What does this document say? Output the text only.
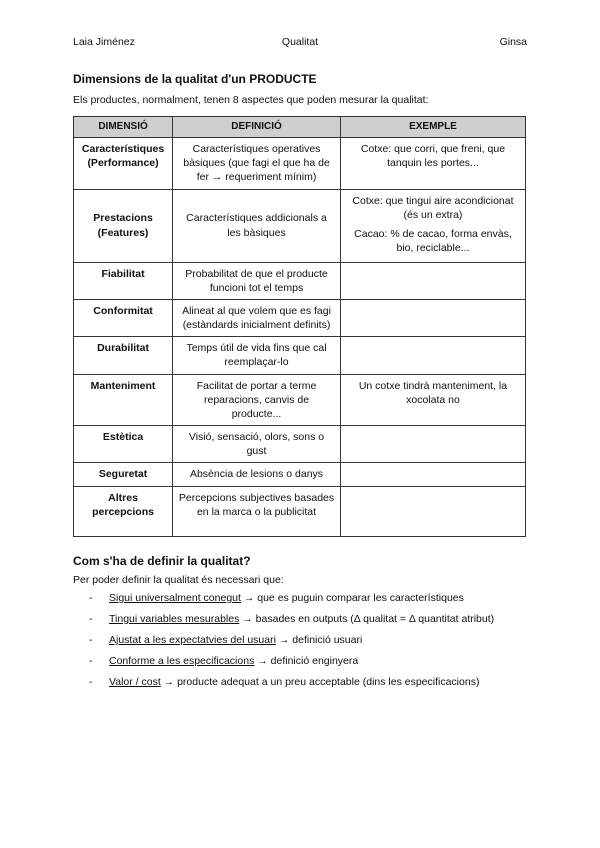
Laia Jiménez	Qualitat	Ginsa
Dimensions de la qualitat d'un PRODUCTE

Els productes, normalment, tenen 8 aspectes que poden mesurar la qualitat:

DIMENSIÓ	DEFINICIÓ	EXEMPLE
Característiques (Performance)	Característiques operatives bàsiques (que fagi el que ha de fer → requeriment mínim)	Cotxe: que corri, que freni, que tanquin les portes...

Prestacions (Features)	Característiques addicionals a les bàsiques	Cotxe: que tingui aire acondicionat (és un extra)

Cacao: % de cacao, forma envàs, bio, reciclable...

Fiabilitat	Probabilitat de que el producte funcioni tot el temps	
Conformitat	Alineat al que volem que es fagi (estàndards inicialment definits)	
Durabilitat	Temps útil de vida fins que cal reemplaçar-lo	
Manteniment	Facilitat de portar a terme reparacions, canvis de producte...	Un cotxe tindrà manteniment, la xocolata no

Estètica	Visió, sensació, olors, sons o gust	
Seguretat	Absència de lesions o danys	
Altres percepcions	Percepcions subjectives basades en la marca o la publicitat	
Com s'ha de definir la qualitat?

Per poder definir la qualitat és necessari que:

- Sigui universalment conegut → que es puguin comparar les característiques
- Tingui variables mesurables → basades en outputs (Δ qualitat = Δ quantitat atribut)
- Ajustat a les expectatvies del usuari → definició usuari
- Conforme a les especificacions → definició enginyera
- Valor / cost → producte adequat a un preu acceptable (dins les especificacions)
